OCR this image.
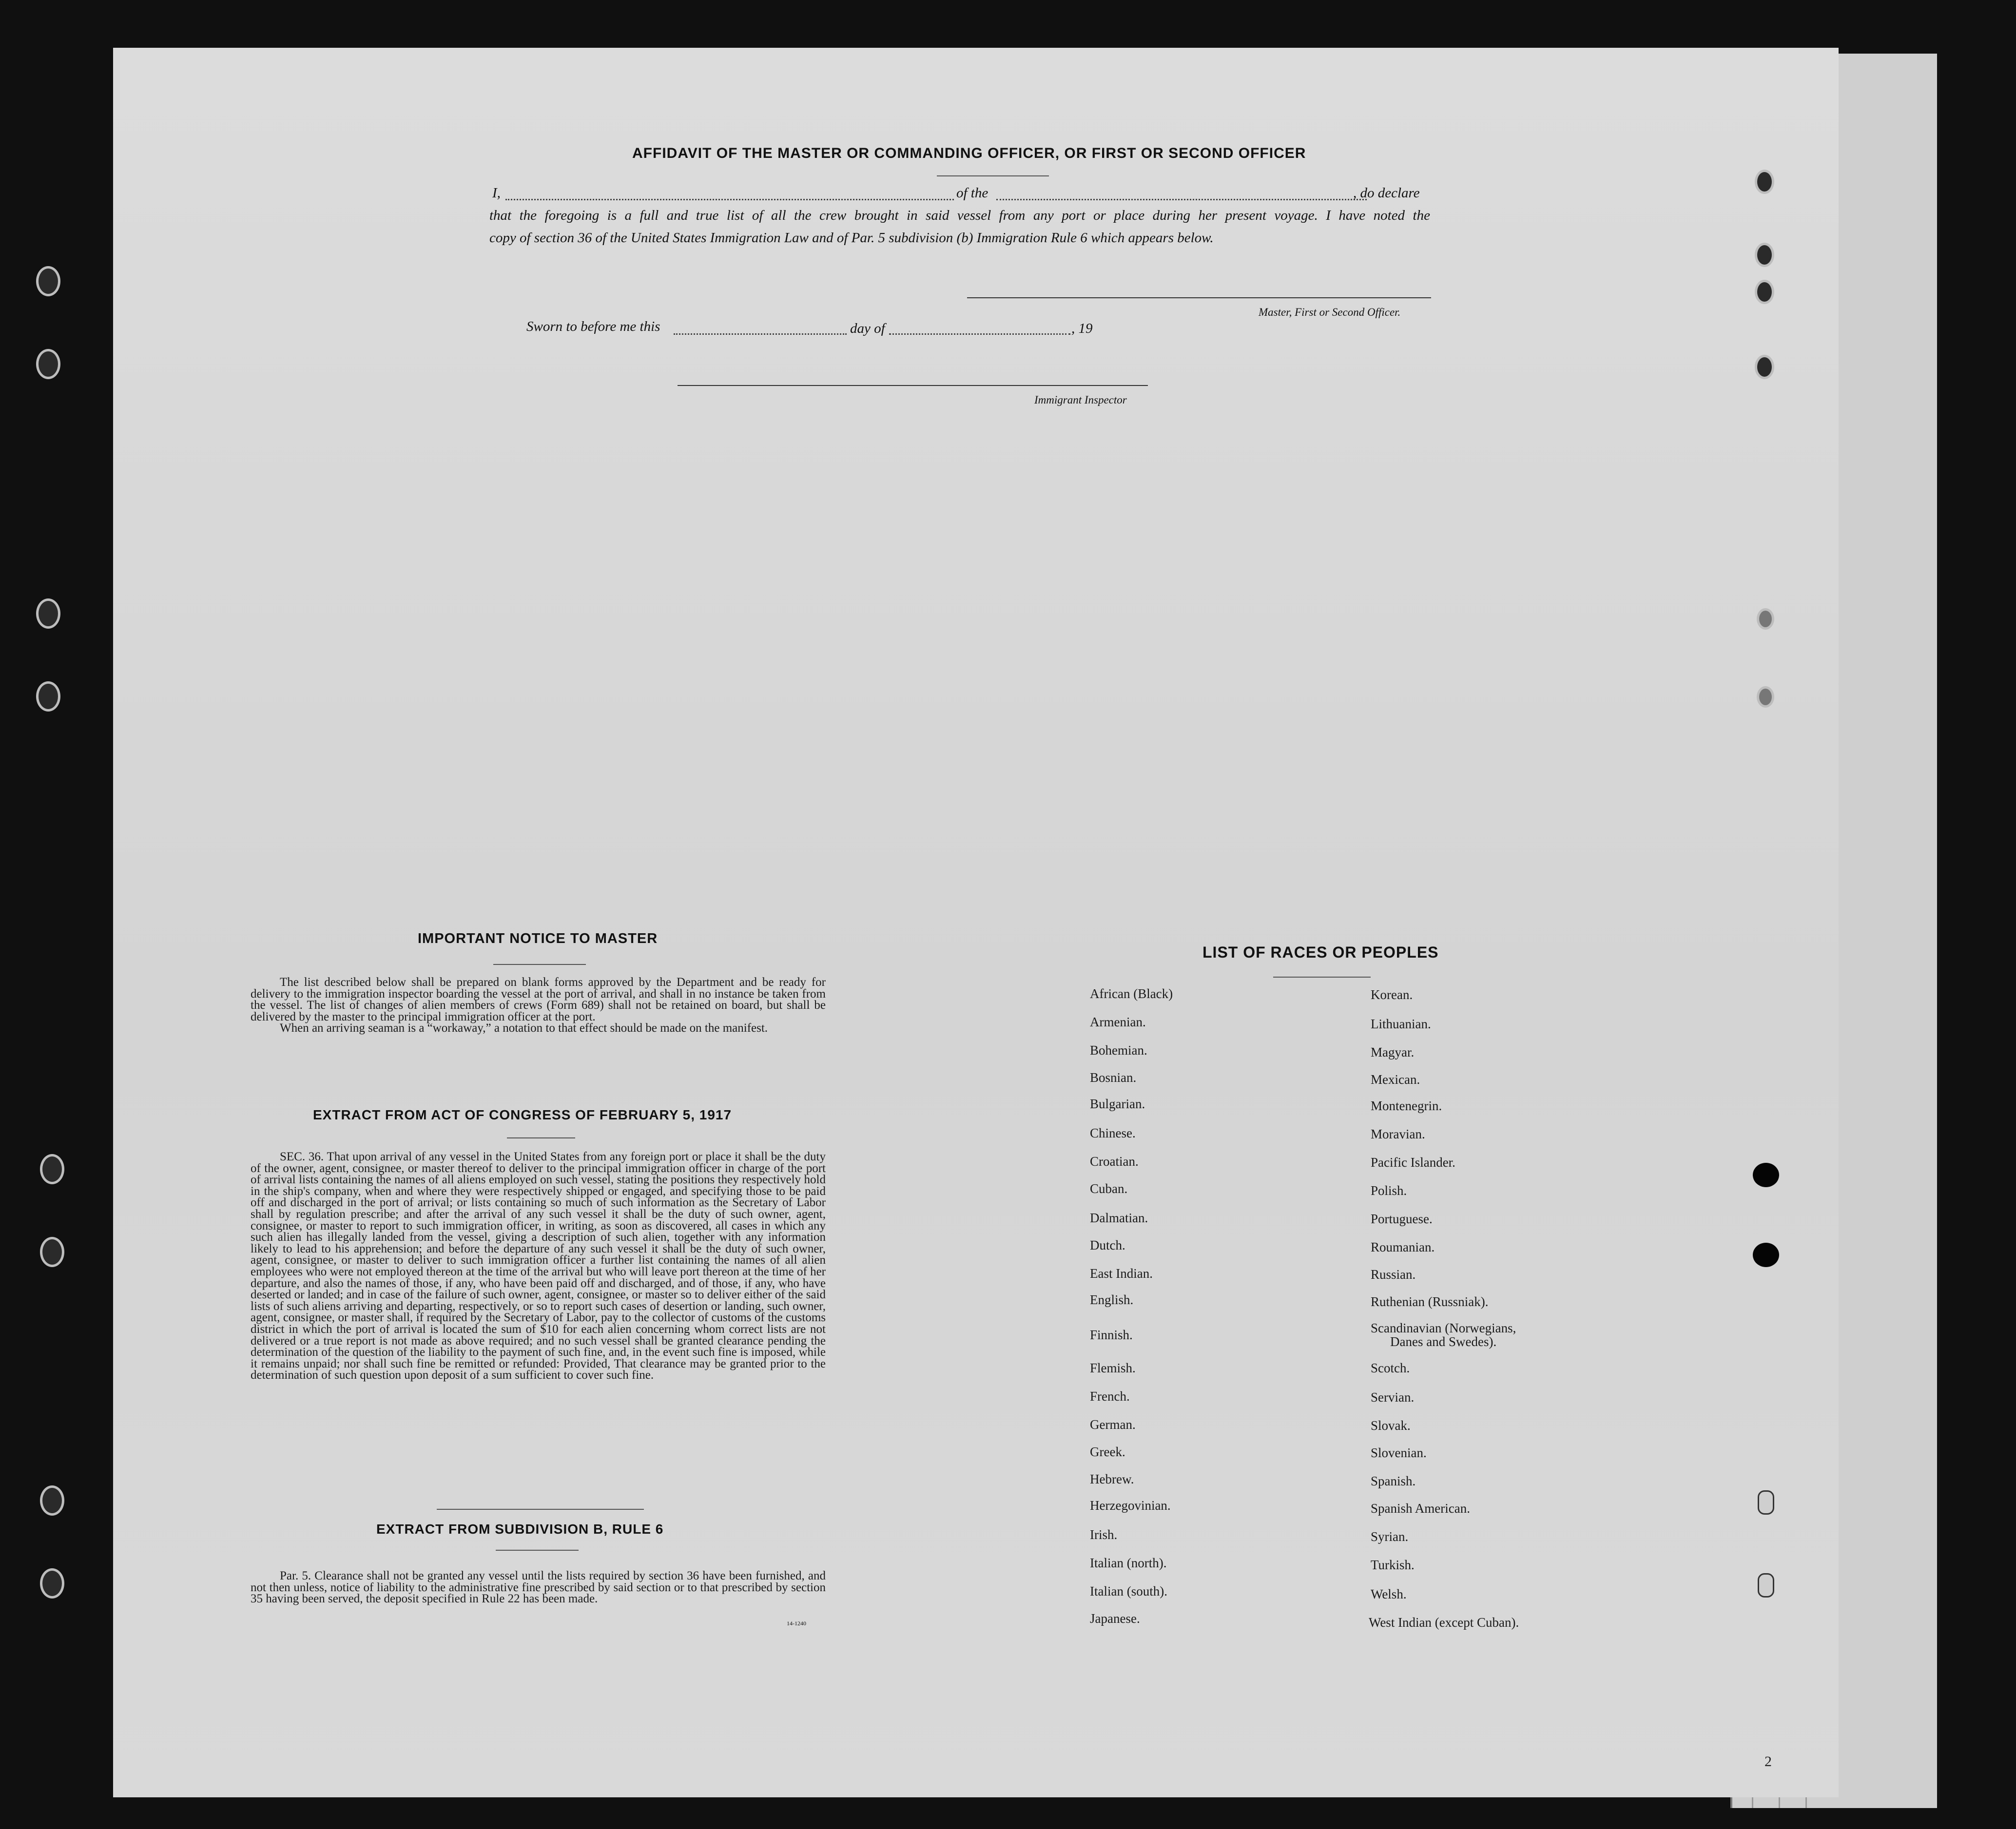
AFFIDAVIT OF THE MASTER OR COMMANDING OFFICER, OR FIRST OR SECOND OFFICER
I,	of the	, do declare
that the foregoing is a full and true list of all the crew brought in said vessel from any port or place during her present voyage. I have noted the
copy of section 36 of the United States Immigration Law and of Par. 5 subdivision (b) Immigration Rule 6 which appears below.
Master, First or Second Officer.
Sworn to before me this	day of	, 19
Immigrant Inspector
IMPORTANT NOTICE TO MASTER
The list described below shall be prepared on blank forms approved by the Department and be ready for delivery to the immigration inspector boarding the vessel at the port of arrival, and shall in no instance be taken from the vessel. The list of changes of alien members of crews (Form 689) shall not be retained on board, but shall be delivered by the master to the principal immigration officer at the port.
When an arriving seaman is a “workaway,” a notation to that effect should be made on the manifest.
EXTRACT FROM ACT OF CONGRESS OF FEBRUARY 5, 1917
SEC. 36. That upon arrival of any vessel in the United States from any foreign port or place it shall be the duty of the owner, agent, consignee, or master thereof to deliver to the principal immigration officer in charge of the port of arrival lists containing the names of all aliens employed on such vessel, stating the positions they respectively hold in the ship's company, when and where they were respectively shipped or engaged, and specifying those to be paid off and discharged in the port of arrival; or lists containing so much of such information as the Secretary of Labor shall by regulation prescribe; and after the arrival of any such vessel it shall be the duty of such owner, agent, consignee, or master to report to such immigration officer, in writing, as soon as discovered, all cases in which any such alien has illegally landed from the vessel, giving a description of such alien, together with any information likely to lead to his apprehension; and before the departure of any such vessel it shall be the duty of such owner, agent, consignee, or master to deliver to such immigration officer a further list containing the names of all alien employees who were not employed thereon at the time of the arrival but who will leave port thereon at the time of her departure, and also the names of those, if any, who have been paid off and discharged, and of those, if any, who have deserted or landed; and in case of the failure of such owner, agent, consignee, or master so to deliver either of the said lists of such aliens arriving and departing, respectively, or so to report such cases of desertion or landing, such owner, agent, consignee, or master shall, if required by the Secretary of Labor, pay to the collector of customs of the customs district in which the port of arrival is located the sum of $10 for each alien concerning whom correct lists are not delivered or a true report is not made as above required; and no such vessel shall be granted clearance pending the determination of the question of the liability to the payment of such fine, and, in the event such fine is imposed, while it remains unpaid; nor shall such fine be remitted or refunded: Provided, That clearance may be granted prior to the determination of such question upon deposit of a sum sufficient to cover such fine.
EXTRACT FROM SUBDIVISION B, RULE 6
Par. 5. Clearance shall not be granted any vessel until the lists required by section 36 have been furnished, and not then unless, notice of liability to the administrative fine prescribed by said section or to that prescribed by section 35 having been served, the deposit specified in Rule 22 has been made.
14-1240
LIST OF RACES OR PEOPLES
African (Black)
Armenian.
Bohemian.
Bosnian.
Bulgarian.
Chinese.
Croatian.
Cuban.
Dalmatian.
Dutch.
East Indian.
English.
Finnish.
Flemish.
French.
German.
Greek.
Hebrew.
Herzegovinian.
Irish.
Italian (north).
Italian (south).
Japanese.
Korean.
Lithuanian.
Magyar.
Mexican.
Montenegrin.
Moravian.
Pacific Islander.
Polish.
Portuguese.
Roumanian.
Russian.
Ruthenian (Russniak).
Scandinavian (Norwegians,
Danes and Swedes).
Scotch.
Servian.
Slovak.
Slovenian.
Spanish.
Spanish American.
Syrian.
Turkish.
Welsh.
West Indian (except Cuban).
2
